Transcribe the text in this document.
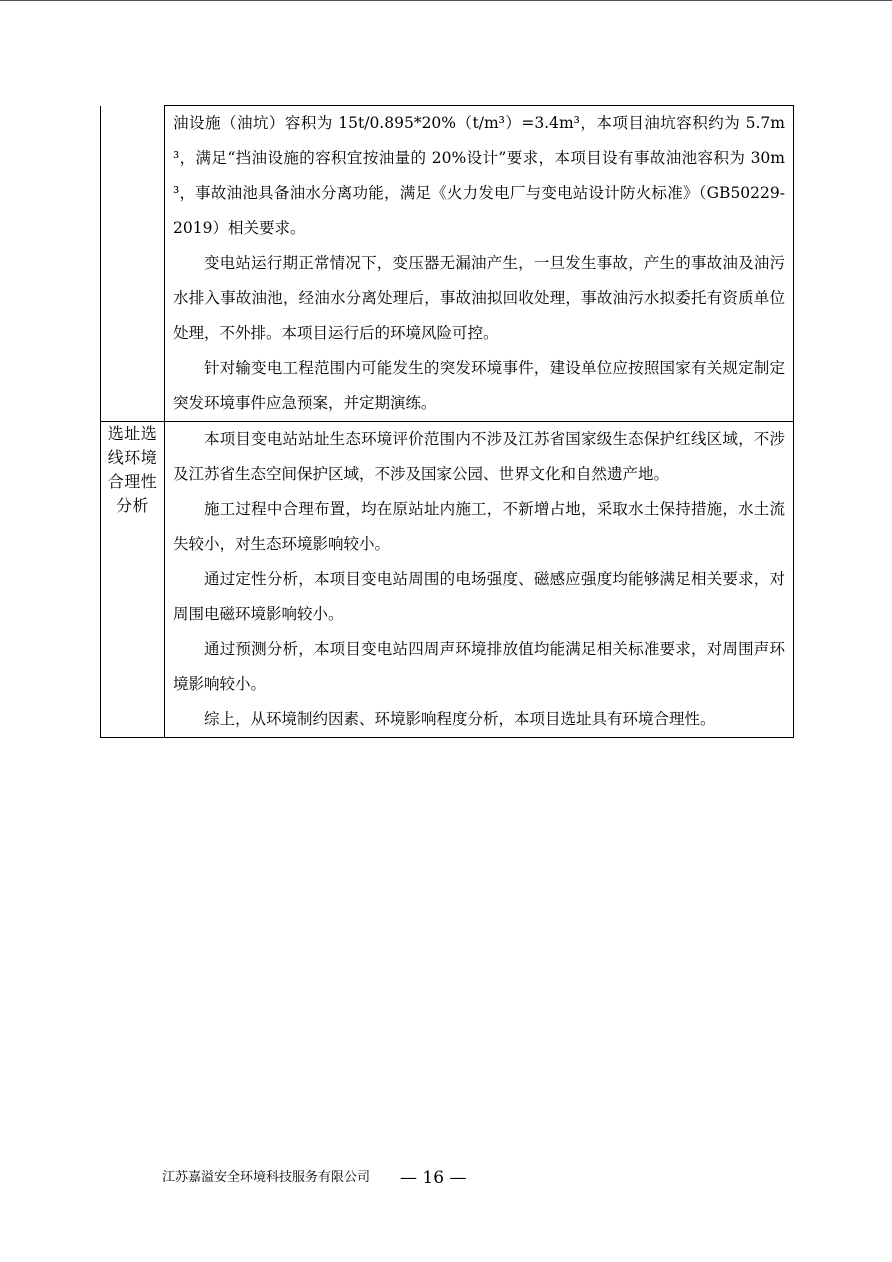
	油设施（油坑）容积为 15t/0.895*20%（t/m³）=3.4m³，本项目油坑容积约为 5.7m³，满足“挡油设施的容积宜按油量的 20%设计”要求，本项目设有事故油池容积为 30m³，事故油池具备油水分离功能，满足《火力发电厂与变电站设计防火标准》（GB50229-2019）相关要求。

变电站运行期正常情况下，变压器无漏油产生，一旦发生事故，产生的事故油及油污水排入事故油池，经油水分离处理后，事故油拟回收处理，事故油污水拟委托有资质单位处理，不外排。本项目运行后的环境风险可控。

针对输变电工程范围内可能发生的突发环境事件，建设单位应按照国家有关规定制定突发环境事件应急预案，并定期演练。

选址选线环境合理性分析	本项目变电站站址生态环境评价范围内不涉及江苏省国家级生态保护红线区域，不涉及江苏省生态空间保护区域，不涉及国家公园、世界文化和自然遗产地。

施工过程中合理布置，均在原站址内施工，不新增占地，采取水土保持措施，水土流失较小，对生态环境影响较小。

通过定性分析，本项目变电站周围的电场强度、磁感应强度均能够满足相关要求，对周围电磁环境影响较小。

通过预测分析，本项目变电站四周声环境排放值均能满足相关标准要求，对周围声环境影响较小。

综上，从环境制约因素、环境影响程度分析，本项目选址具有环境合理性。

江苏嘉溢安全环境科技服务有限公司 — 16 —
